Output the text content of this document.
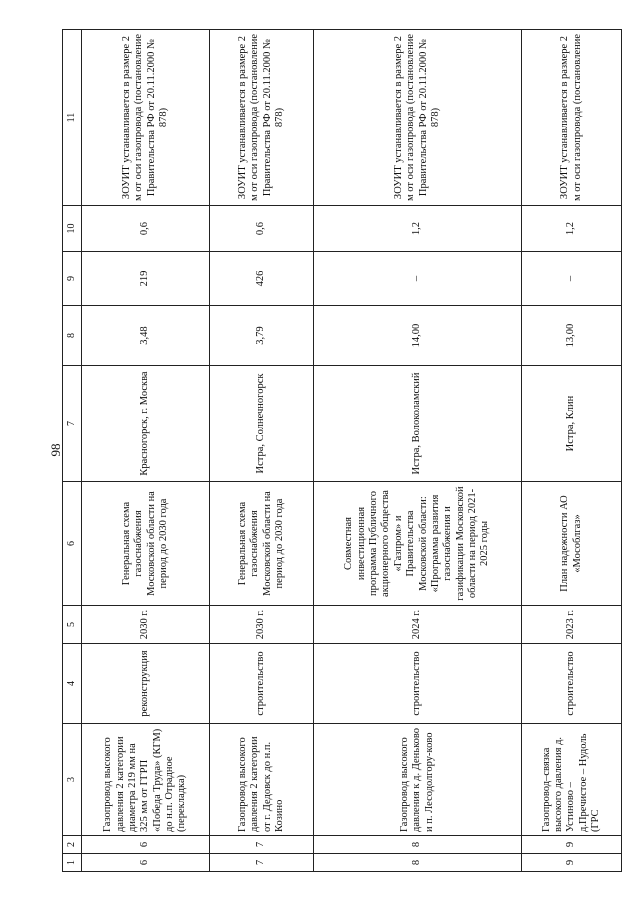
98
1	2	3	4	5	6	7	8	9	10	11
6	6	Газопровод высокого давления 2 категории диаметра 219 мм на 325 мм от ГГРП «Победа Труда» (КГМ) до н.п. Отрадное (перекладка)	реконструкция	2030 г.	Генеральная схема газоснабжения Московской области на период до 2030 года	Красногорск, г. Москва	3,48	219	0,6	ЗОУИТ устанавливается в размере 2 м от оси газопровода (постановление Правительства РФ от 20.11.2000 № 878)
7	7	Газопровод высокого давления 2 категории от г. Дедовск до н.п. Козино	строительство	2030 г.	Генеральная схема газоснабжения Московской области на период до 2030 года	Истра, Солнечногорск	3,79	426	0,6	ЗОУИТ устанавливается в размере 2 м от оси газопровода (постановление Правительства РФ от 20.11.2000 № 878)
8	8	Газопровод высокого давления к д. Деньково и п. Лесодолгору-ково	строительство	2024 г.	Совместная инвестиционная программа Публичного акционерного общества «Газпром» и Правительства Московской области: «Программа развития газоснабжения и газификации Московской области на период 2021-2025 годы	Истра, Волоколамский	14,00	–	1,2	ЗОУИТ устанавливается в размере 2 м от оси газопровода (постановление Правительства РФ от 20.11.2000 № 878)
9	9	Газопровод–связка высокого давления д. Устиново – д.Пречистое – Нудоль (ГРС	строительство	2023 г.	План надежности АО «Мособлгаз»	Истра, Клин	13,00	–	1,2	ЗОУИТ устанавливается в размере 2 м от оси газопровода (постановление
